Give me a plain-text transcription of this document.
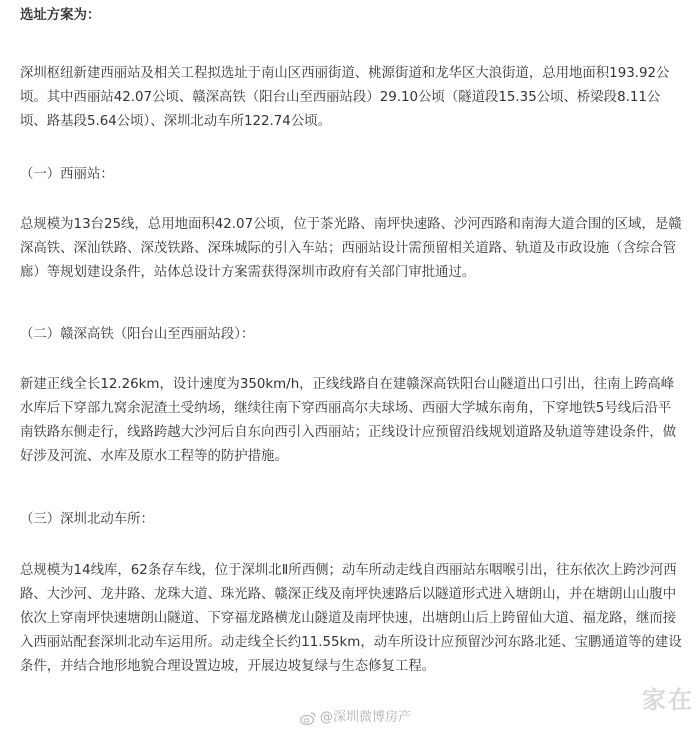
选址方案为：

深圳枢纽新建西丽站及相关工程拟选址于南山区西丽街道、桃源街道和龙华区大浪街道，总用地面积193.92公顷。其中西丽站42.07公顷、赣深高铁（阳台山至西丽站段）29.10公顷（隧道段15.35公顷、桥梁段8.11公顷、路基段5.64公顷）、深圳北动车所122.74公顷。

（一）西丽站：

总规模为13台25线，总用地面积42.07公顷，位于茶光路、南坪快速路、沙河西路和南海大道合围的区域，是赣深高铁、深汕铁路、深茂铁路、深珠城际的引入车站；西丽站设计需预留相关道路、轨道及市政设施（含综合管廊）等规划建设条件，站体总设计方案需获得深圳市政府有关部门审批通过。

（二）赣深高铁（阳台山至西丽站段）：

新建正线全长12.26km，设计速度为350km/h，正线线路自在建赣深高铁阳台山隧道出口引出，往南上跨高峰水库后下穿部九窝余泥渣土受纳场，继续往南下穿西丽高尔夫球场、西丽大学城东南角，下穿地铁5号线后沿平南铁路东侧走行，线路跨越大沙河后自东向西引入西丽站；正线设计应预留沿线规划道路及轨道等建设条件，做好涉及河流、水库及原水工程等的防护措施。

（三）深圳北动车所：

总规模为14线库，62条存车线，位于深圳北Ⅱ所西侧；动车所动走线自西丽站东咽喉引出，往东依次上跨沙河西路、大沙河、龙井路、龙珠大道、珠光路、赣深正线及南坪快速路后以隧道形式进入塘朗山，并在塘朗山山腹中依次上穿南坪快速塘朗山隧道、下穿福龙路横龙山隧道及南坪快速，出塘朗山后上跨留仙大道、福龙路，继而接入西丽站配套深圳北动车运用所。动走线全长约11.55km，动车所设计应预留沙河东路北延、宝鹏通道等的建设条件，并结合地形地貌合理设置边坡，开展边坡复绿与生态修复工程。

@深圳微博房产
家在
